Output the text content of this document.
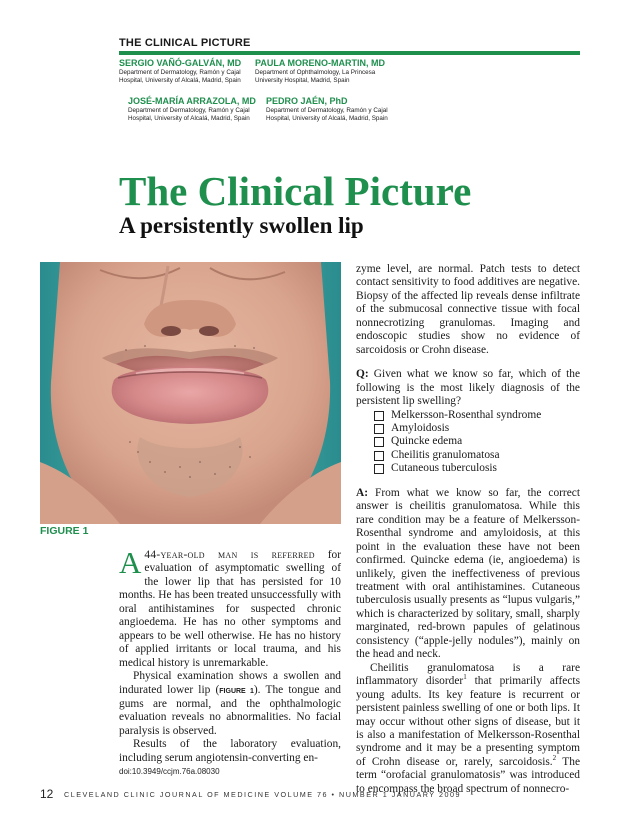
THE CLINICAL PICTURE
SERGIO VAÑÓ-GALVÁN, MD
Department of Dermatology, Ramón y Cajal
Hospital, University of Alcalá, Madrid, Spain
PAULA MORENO-MARTIN, MD
Department of Ophthalmology, La Princesa
University Hospital, Madrid, Spain
JOSÉ-MARÍA ARRAZOLA, MD
Department of Dermatology, Ramón y Cajal
Hospital, University of Alcalá, Madrid, Spain
PEDRO JAÉN, PhD
Department of Dermatology, Ramón y Cajal
Hospital, University of Alcalá, Madrid, Spain
The Clinical Picture
A persistently swollen lip
FIGURE 1

A 44-year-old man is referred for evaluation of asymptomatic swelling of the lower lip that has persisted for 10 months. He has been treated unsuccessfully with oral antihistamines for suspected chronic angioedema. He has no other symptoms and appears to be well otherwise. He has no history of applied irritants or local trauma, and his medical history is unremarkable.

Physical examination shows a swollen and indurated lower lip (FIGURE 1). The tongue and gums are normal, and the ophthalmologic evaluation reveals no abnormalities. No facial paralysis is observed.

Results of the laboratory evaluation, including serum angiotensin-converting en-

zyme level, are normal. Patch tests to detect contact sensitivity to food additives are negative. Biopsy of the affected lip reveals dense infiltrate of the submucosal connective tissue with focal nonnecrotizing granulomas. Imaging and endoscopic studies show no evidence of sarcoidosis or Crohn disease.

Q: Given what we know so far, which of the following is the most likely diagnosis of the persistent lip swelling?

Melkersson-Rosenthal syndrome
Amyloidosis
Quincke edema
Cheilitis granulomatosa
Cutaneous tuberculosis

A: From what we know so far, the correct answer is cheilitis granulomatosa. While this rare condition may be a feature of Melkersson-Rosenthal syndrome and amyloidosis, at this point in the evaluation these have not been confirmed. Quincke edema (ie, angioedema) is unlikely, given the ineffectiveness of previous treatment with oral antihistamines. Cutaneous tuberculosis usually presents as “lupus vulgaris,” which is characterized by solitary, small, sharply marginated, red-brown papules of gelatinous consistency (“apple-jelly nodules”), mainly on the head and neck.

Cheilitis granulomatosa is a rare inflammatory disorder$^1$ that primarily affects young adults. Its key feature is recurrent or persistent painless swelling of one or both lips. It may occur without other signs of disease, but it is also a manifestation of Melkersson-Rosenthal syndrome and it may be a presenting symptom of Crohn disease or, rarely, sarcoidosis.$^2$ The term “orofacial granulomatosis” was introduced to encompass the broad spectrum of nonnecro-

doi:10.3949/ccjm.76a.08030
12 CLEVELAND CLINIC JOURNAL OF MEDICINE VOLUME 76 • NUMBER 1 JANUARY 2009
